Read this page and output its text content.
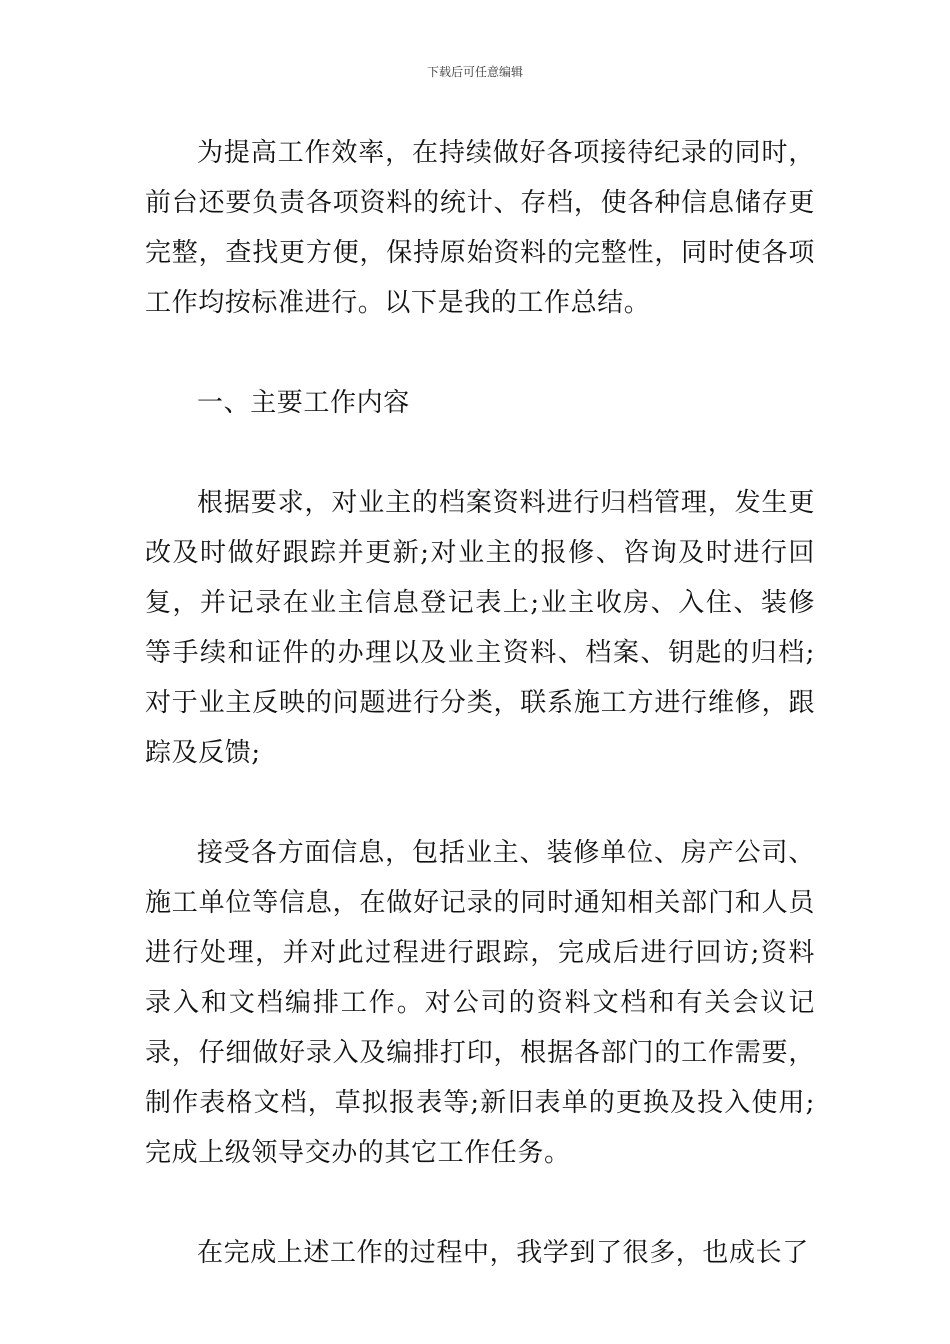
下载后可任意编辑

为提高工作效率，在持续做好各项接待纪录的同时，前台还要负责各项资料的统计、存档，使各种信息储存更完整，查找更方便，保持原始资料的完整性，同时使各项工作均按标准进行。以下是我的工作总结。

一、主要工作内容

根据要求，对业主的档案资料进行归档管理，发生更改及时做好跟踪并更新;对业主的报修、咨询及时进行回复，并记录在业主信息登记表上;业主收房、入住、装修等手续和证件的办理以及业主资料、档案、钥匙的归档;对于业主反映的问题进行分类，联系施工方进行维修，跟踪及反馈;

接受各方面信息，包括业主、装修单位、房产公司、施工单位等信息，在做好记录的同时通知相关部门和人员进行处理，并对此过程进行跟踪，完成后进行回访;资料录入和文档编排工作。对公司的资料文档和有关会议记录，仔细做好录入及编排打印，根据各部门的工作需要，制作表格文档，草拟报表等;新旧表单的更换及投入使用;完成上级领导交办的其它工作任务。

在完成上述工作的过程中，我学到了很多，也成长了
